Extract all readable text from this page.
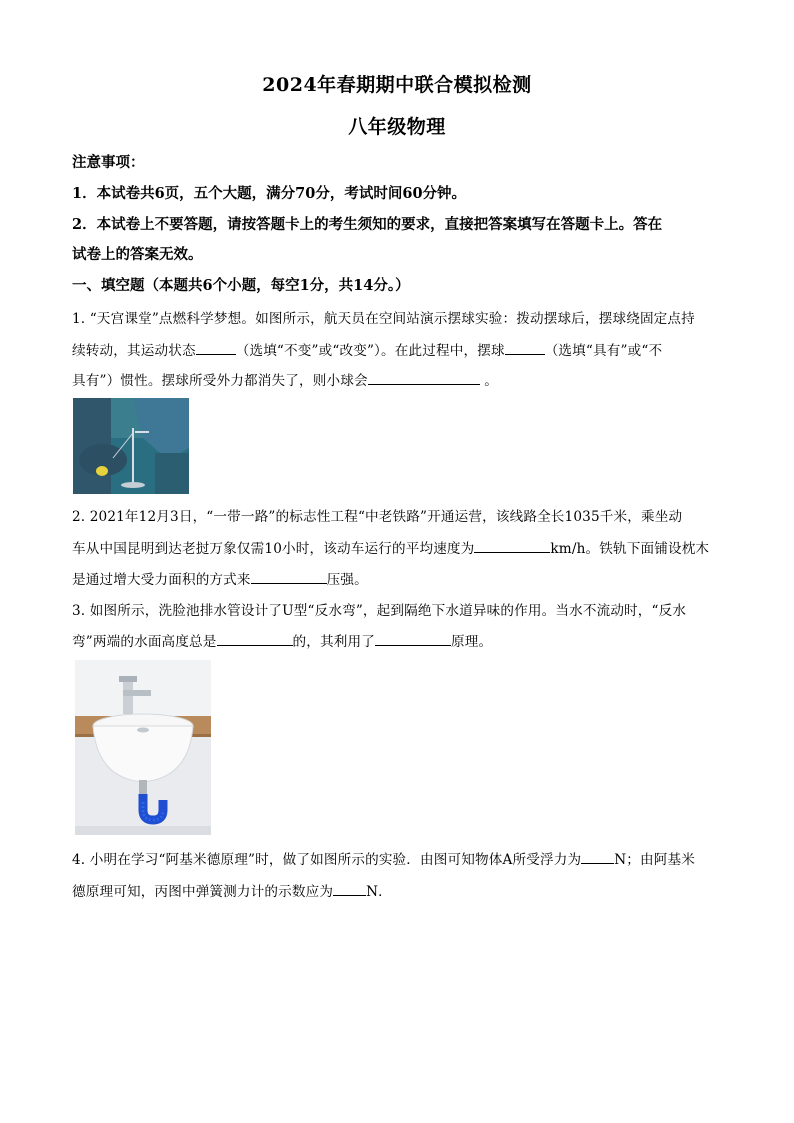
2024年春期期中联合模拟检测
八年级物理
注意事项：
1．本试卷共6页，五个大题，满分70分，考试时间60分钟。
2．本试卷上不要答题，请按答题卡上的考生须知的要求，直接把答案填写在答题卡上。答在
试卷上的答案无效。
一、填空题（本题共6个小题，每空1分，共14分。）
1. “天宫课堂”点燃科学梦想。如图所示，航天员在空间站演示摆球实验：拨动摆球后，摆球绕固定点持
续转动，其运动状态	（选填“不变”或“改变”）。在此过程中，摆球	（选填“具有”或“不
具有”）惯性。摆球所受外力都消失了，则小球会	。
2. 2021年12月3日，“一带一路”的标志性工程“中老铁路”开通运营，该线路全长1035千米，乘坐动
车从中国昆明到达老挝万象仅需10小时，该动车运行的平均速度为	km/h。铁轨下面铺设枕木
是通过增大受力面积的方式来	压强。
3. 如图所示，洗脸池排水管设计了U型“反水弯”，起到隔绝下水道异味的作用。当水不流动时，“反水
弯”两端的水面高度总是	的，其利用了	原理。
4. 小明在学习“阿基米德原理”时，做了如图所示的实验．由图可知物体A所受浮力为 N；由阿基米
德原理可知，丙图中弹簧测力计的示数应为 N．
